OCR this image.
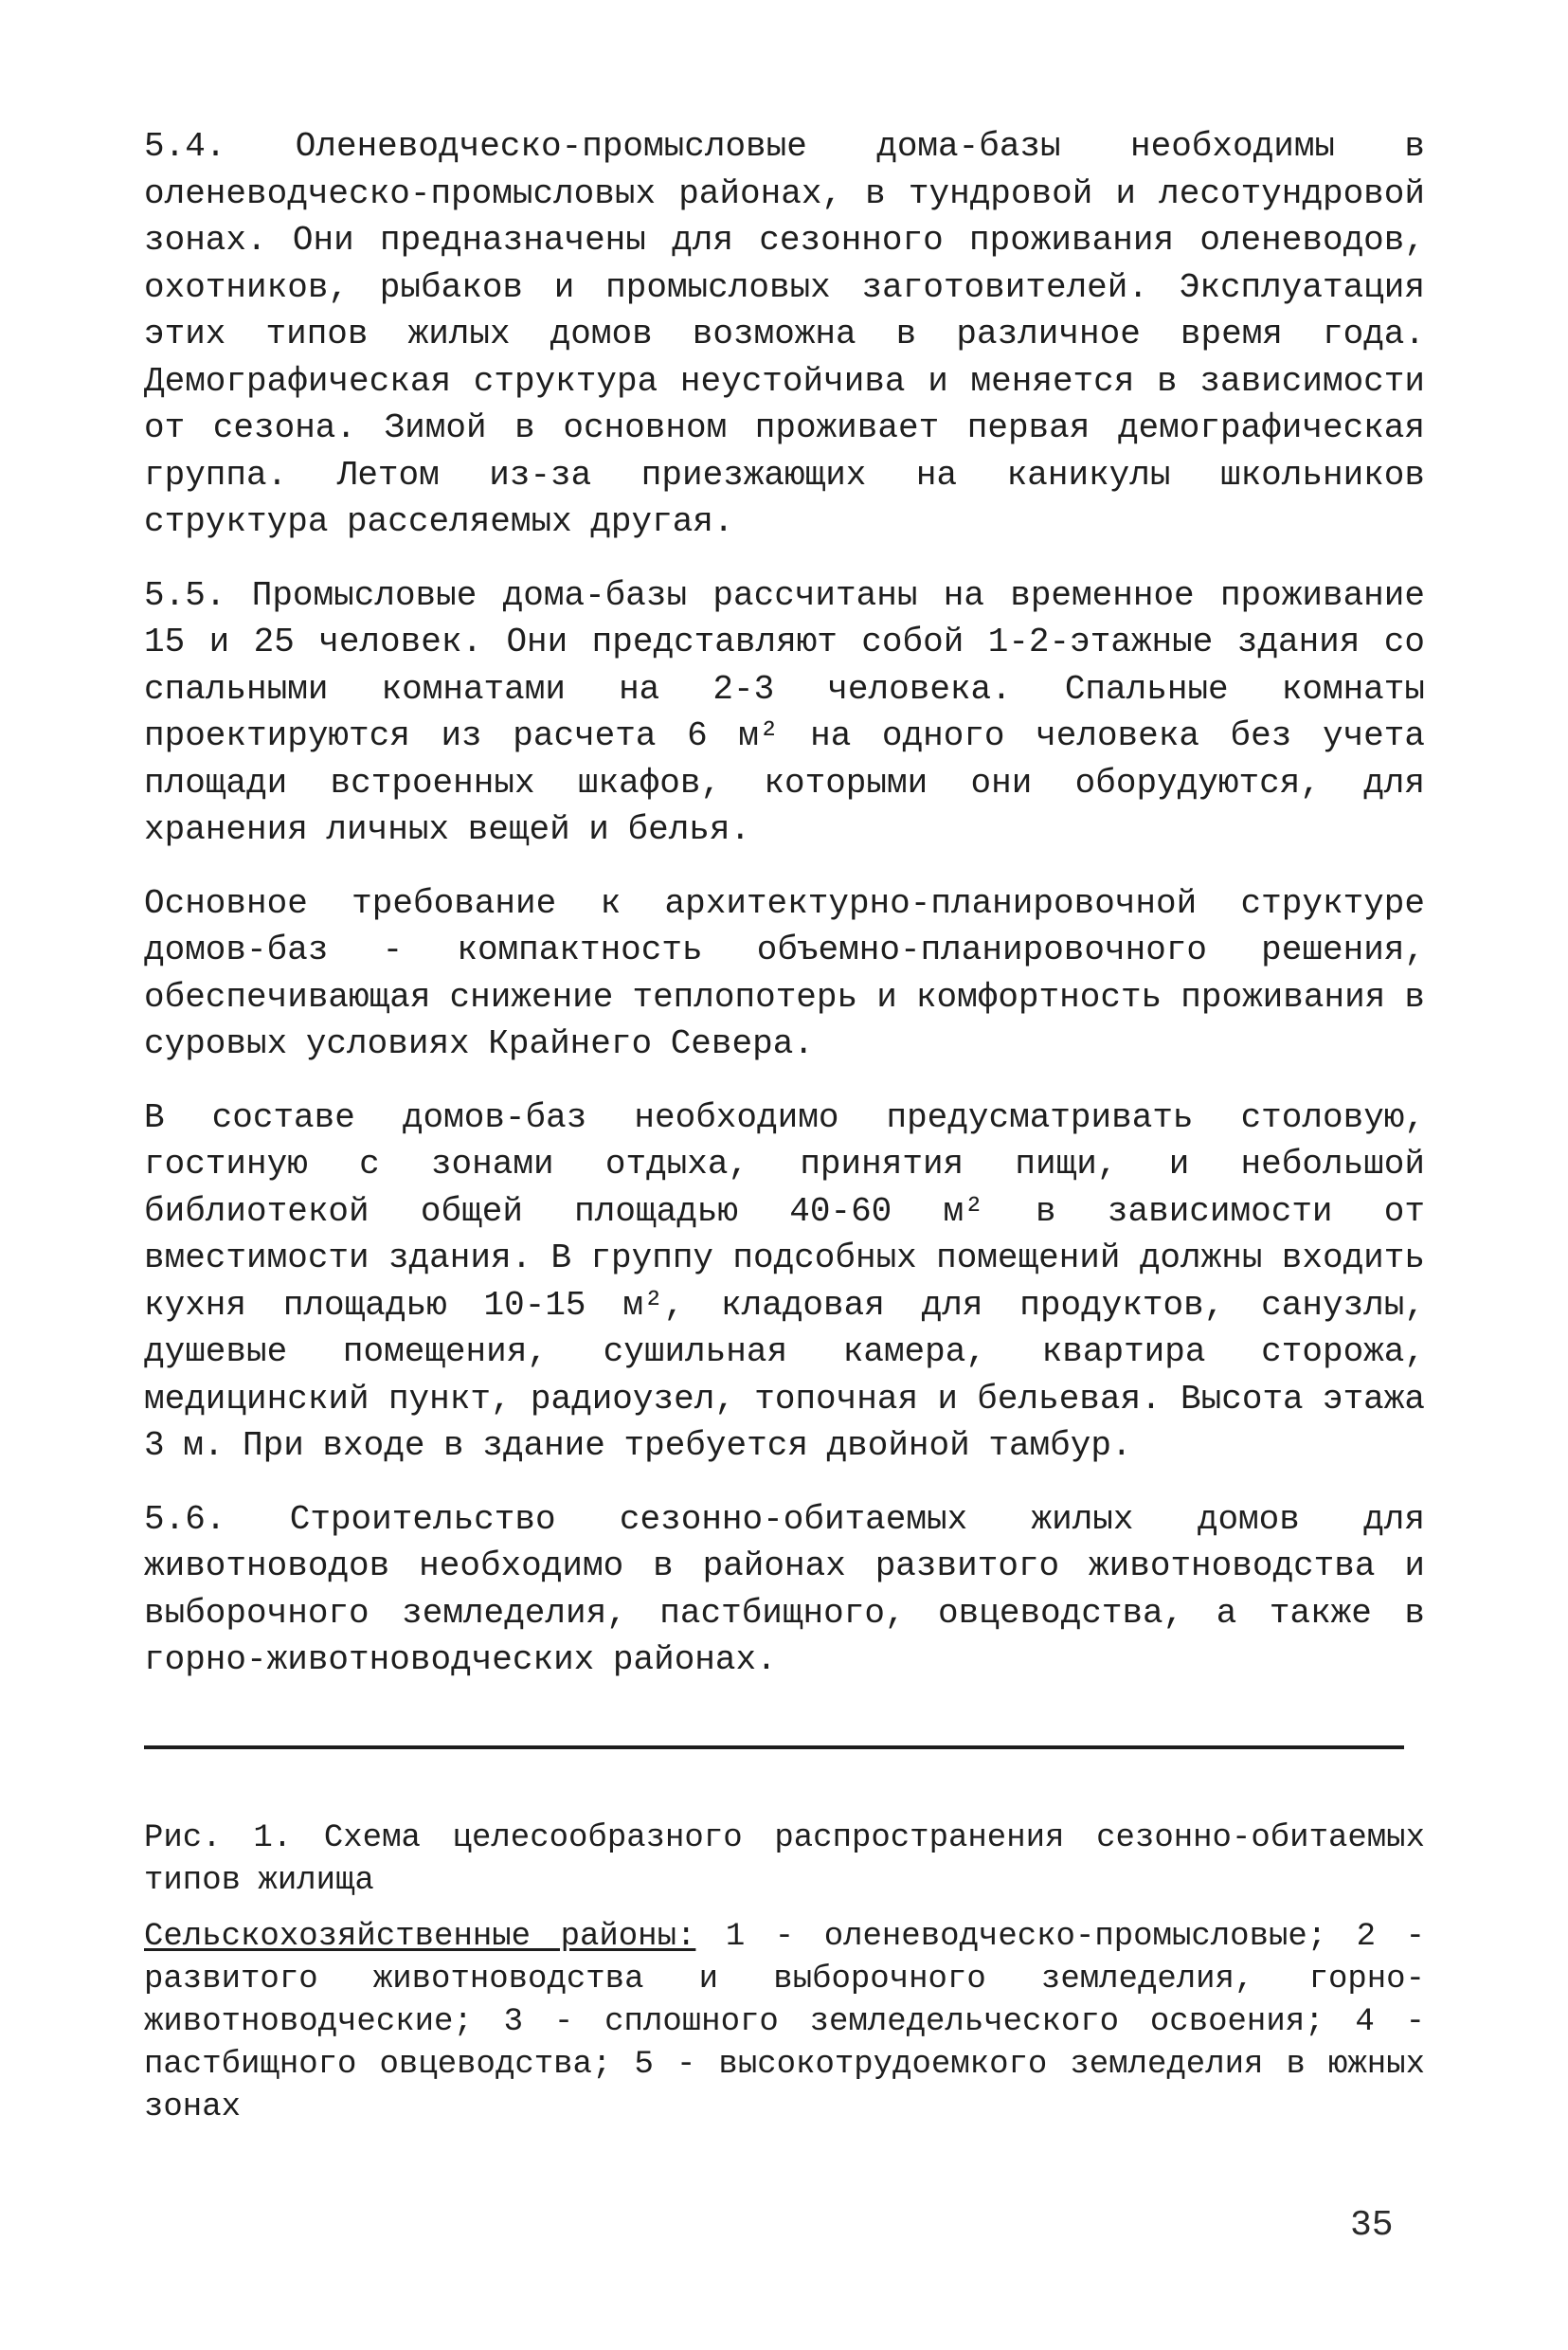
5.4. Оленеводческо-промысловые дома-базы необходимы в оленеводческо-промысловых районах, в тундровой и лесотундровой зонах. Они предназначены для сезонного проживания оленеводов, охотников, рыбаков и промысловых заготовителей. Эксплуатация этих типов жилых домов возможна в различное время года. Демографическая структура неустойчива и меняется в зависимости от сезона. Зимой в основном проживает первая демографическая группа. Летом из-за приезжающих на каникулы школьников структура расселяемых другая.

5.5. Промысловые дома-базы рассчитаны на временное проживание 15 и 25 человек. Они представляют собой 1-2-этажные здания со спальными комнатами на 2-3 человека. Спальные комнаты проектируются из расчета 6 м² на одного человека без учета площади встроенных шкафов, которыми они оборудуются, для хранения личных вещей и белья.

Основное требование к архитектурно-планировочной структуре домов-баз - компактность объемно-планировочного решения, обеспечивающая снижение теплопотерь и комфортность проживания в суровых условиях Крайнего Севера.

В составе домов-баз необходимо предусматривать столовую, гостиную с зонами отдыха, принятия пищи, и небольшой библиотекой общей площадью 40-60 м² в зависимости от вместимости здания. В группу подсобных помещений должны входить кухня площадью 10-15 м², кладовая для продуктов, санузлы, душевые помещения, сушильная камера, квартира сторожа, медицинский пункт, радиоузел, топочная и бельевая. Высота этажа 3 м. При входе в здание требуется двойной тамбур.

5.6. Строительство сезонно-обитаемых жилых домов для животноводов необходимо в районах развитого животноводства и выборочного земледелия, пастбищного, овцеводства, а также в горно-животноводческих районах.

Рис. 1. Схема целесообразного распространения сезонно-обитаемых типов жилища

Сельскохозяйственные районы: 1 - оленеводческо-промысловые; 2 - развитого животноводства и выборочного земледелия, горно-животноводческие; 3 - сплошного земледельческого освоения; 4 - пастбищного овцеводства; 5 - высокотрудоемкого земледелия в южных зонах

35
